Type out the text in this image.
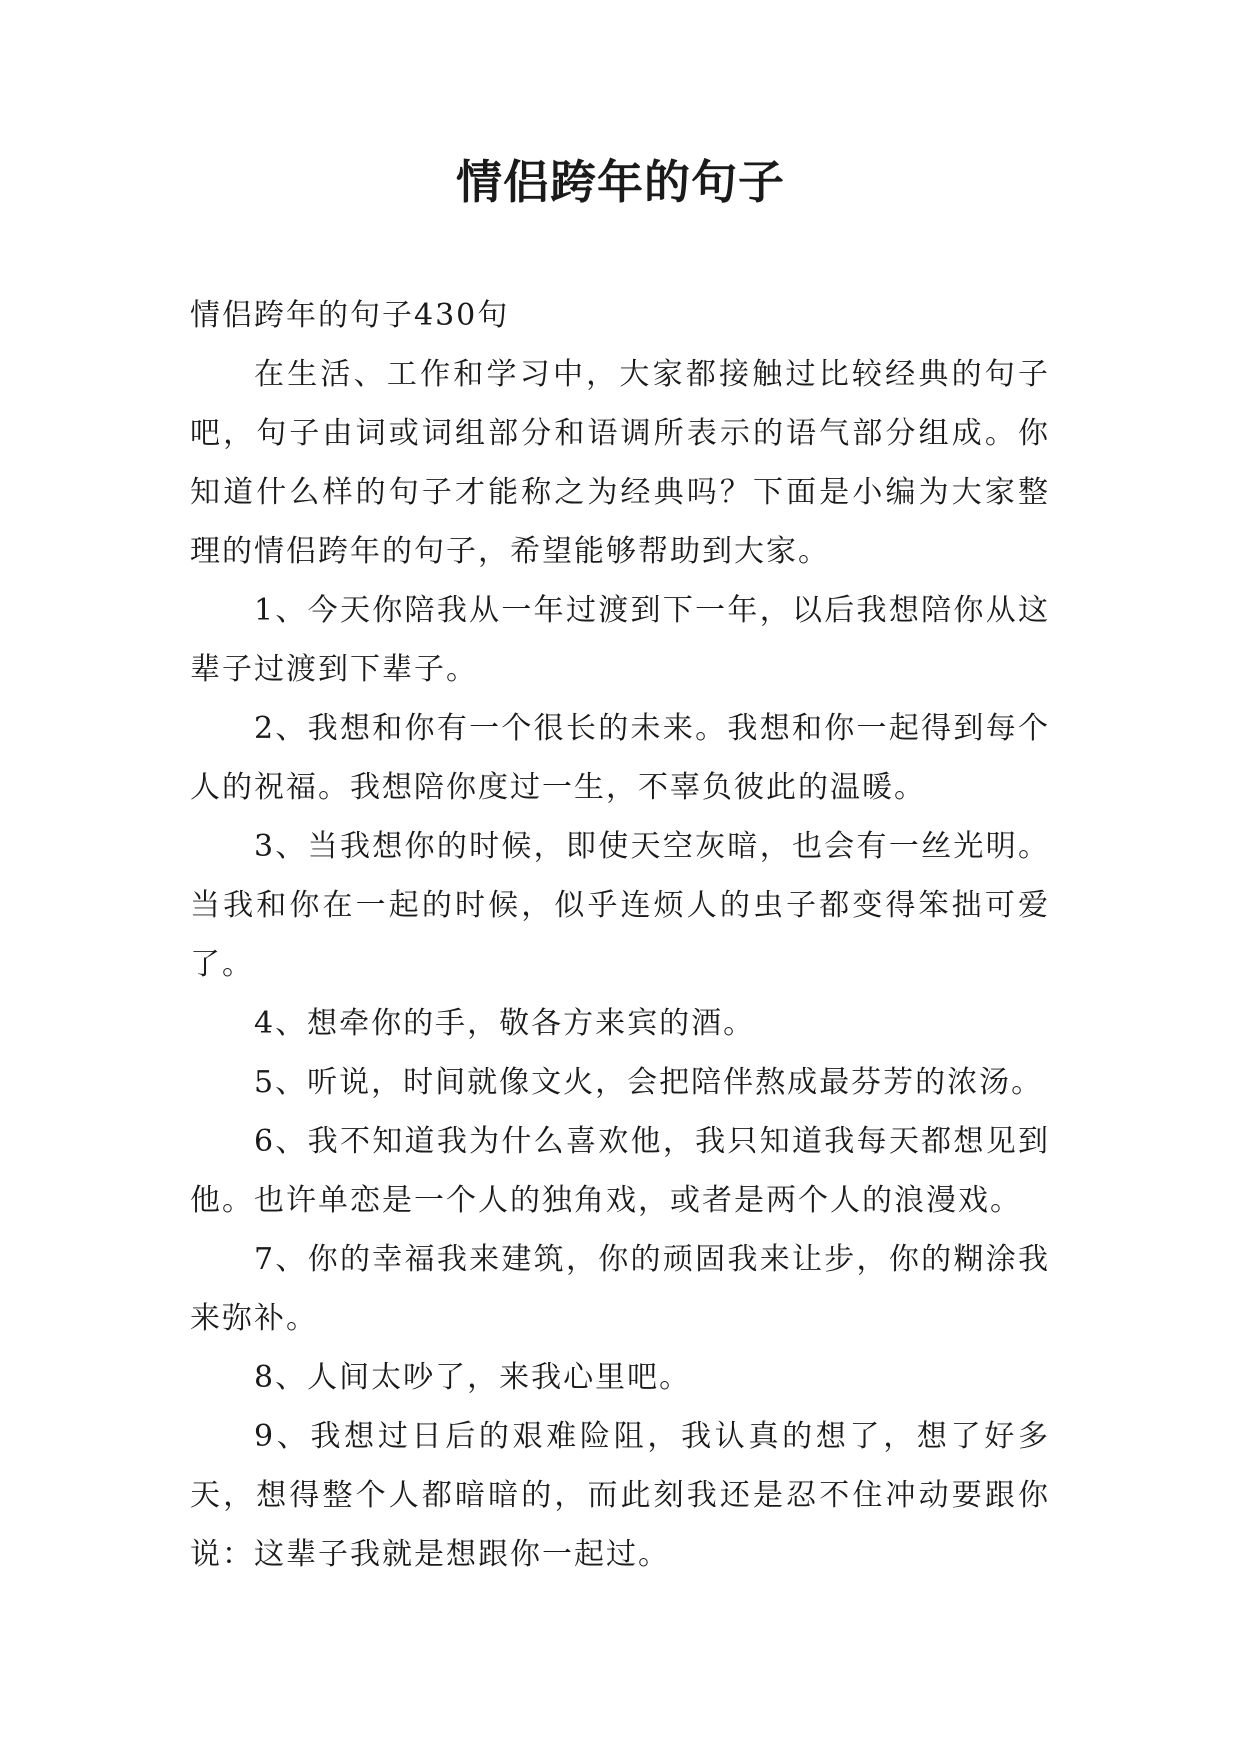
情侣跨年的句子

情侣跨年的句子430句

在生活、工作和学习中，大家都接触过比较经典的句子吧，句子由词或词组部分和语调所表示的语气部分组成。你知道什么样的句子才能称之为经典吗？下面是小编为大家整理的情侣跨年的句子，希望能够帮助到大家。

1、今天你陪我从一年过渡到下一年，以后我想陪你从这辈子过渡到下辈子。

2、我想和你有一个很长的未来。我想和你一起得到每个人的祝福。我想陪你度过一生，不辜负彼此的温暖。

3、当我想你的时候，即使天空灰暗，也会有一丝光明。当我和你在一起的时候，似乎连烦人的虫子都变得笨拙可爱了。

4、想牵你的手，敬各方来宾的酒。

5、听说，时间就像文火，会把陪伴熬成最芬芳的浓汤。

6、我不知道我为什么喜欢他，我只知道我每天都想见到他。也许单恋是一个人的独角戏，或者是两个人的浪漫戏。

7、你的幸福我来建筑，你的顽固我来让步，你的糊涂我来弥补。

8、人间太吵了，来我心里吧。

9、我想过日后的艰难险阻，我认真的想了，想了好多天，想得整个人都暗暗的，而此刻我还是忍不住冲动要跟你说：这辈子我就是想跟你一起过。
